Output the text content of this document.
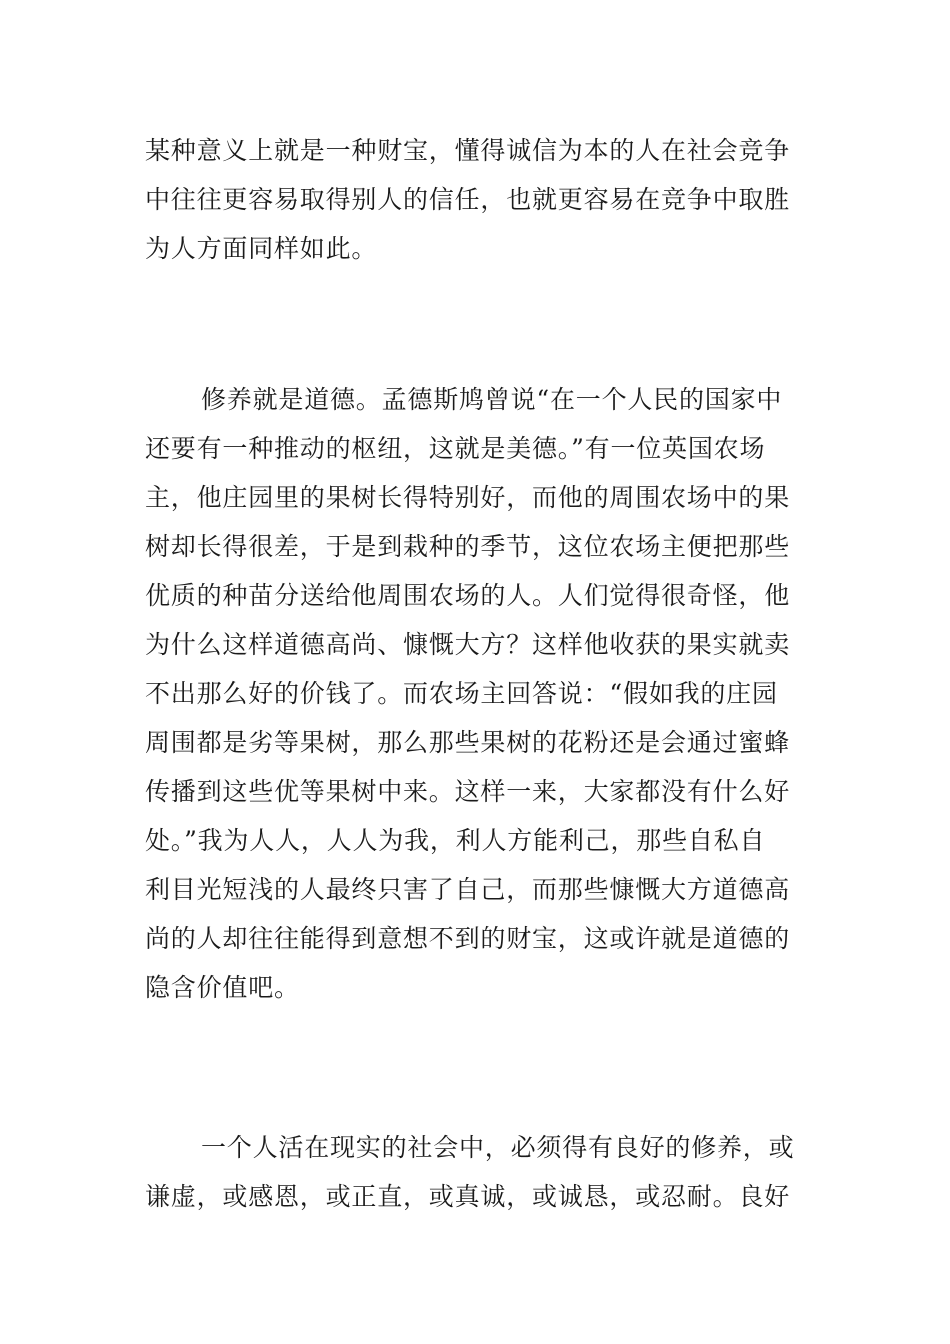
某种意义上就是一种财宝，懂得诚信为本的人在社会竞争
中往往更容易取得别人的信任，也就更容易在竞争中取胜
为人方面同样如此。
修养就是道德。孟德斯鸠曾说“在一个人民的国家中
还要有一种推动的枢纽，这就是美德。”有一位英国农场
主，他庄园里的果树长得特别好，而他的周围农场中的果
树却长得很差，于是到栽种的季节，这位农场主便把那些
优质的种苗分送给他周围农场的人。人们觉得很奇怪，他
为什么这样道德高尚、慷慨大方？这样他收获的果实就卖
不出那么好的价钱了。而农场主回答说：“假如我的庄园
周围都是劣等果树，那么那些果树的花粉还是会通过蜜蜂
传播到这些优等果树中来。这样一来，大家都没有什么好
处。”我为人人，人人为我，利人方能利己，那些自私自
利目光短浅的人最终只害了自己，而那些慷慨大方道德高
尚的人却往往能得到意想不到的财宝，这或许就是道德的
隐含价值吧。
一个人活在现实的社会中，必须得有良好的修养，或
谦虚，或感恩，或正直，或真诚，或诚恳，或忍耐。良好
